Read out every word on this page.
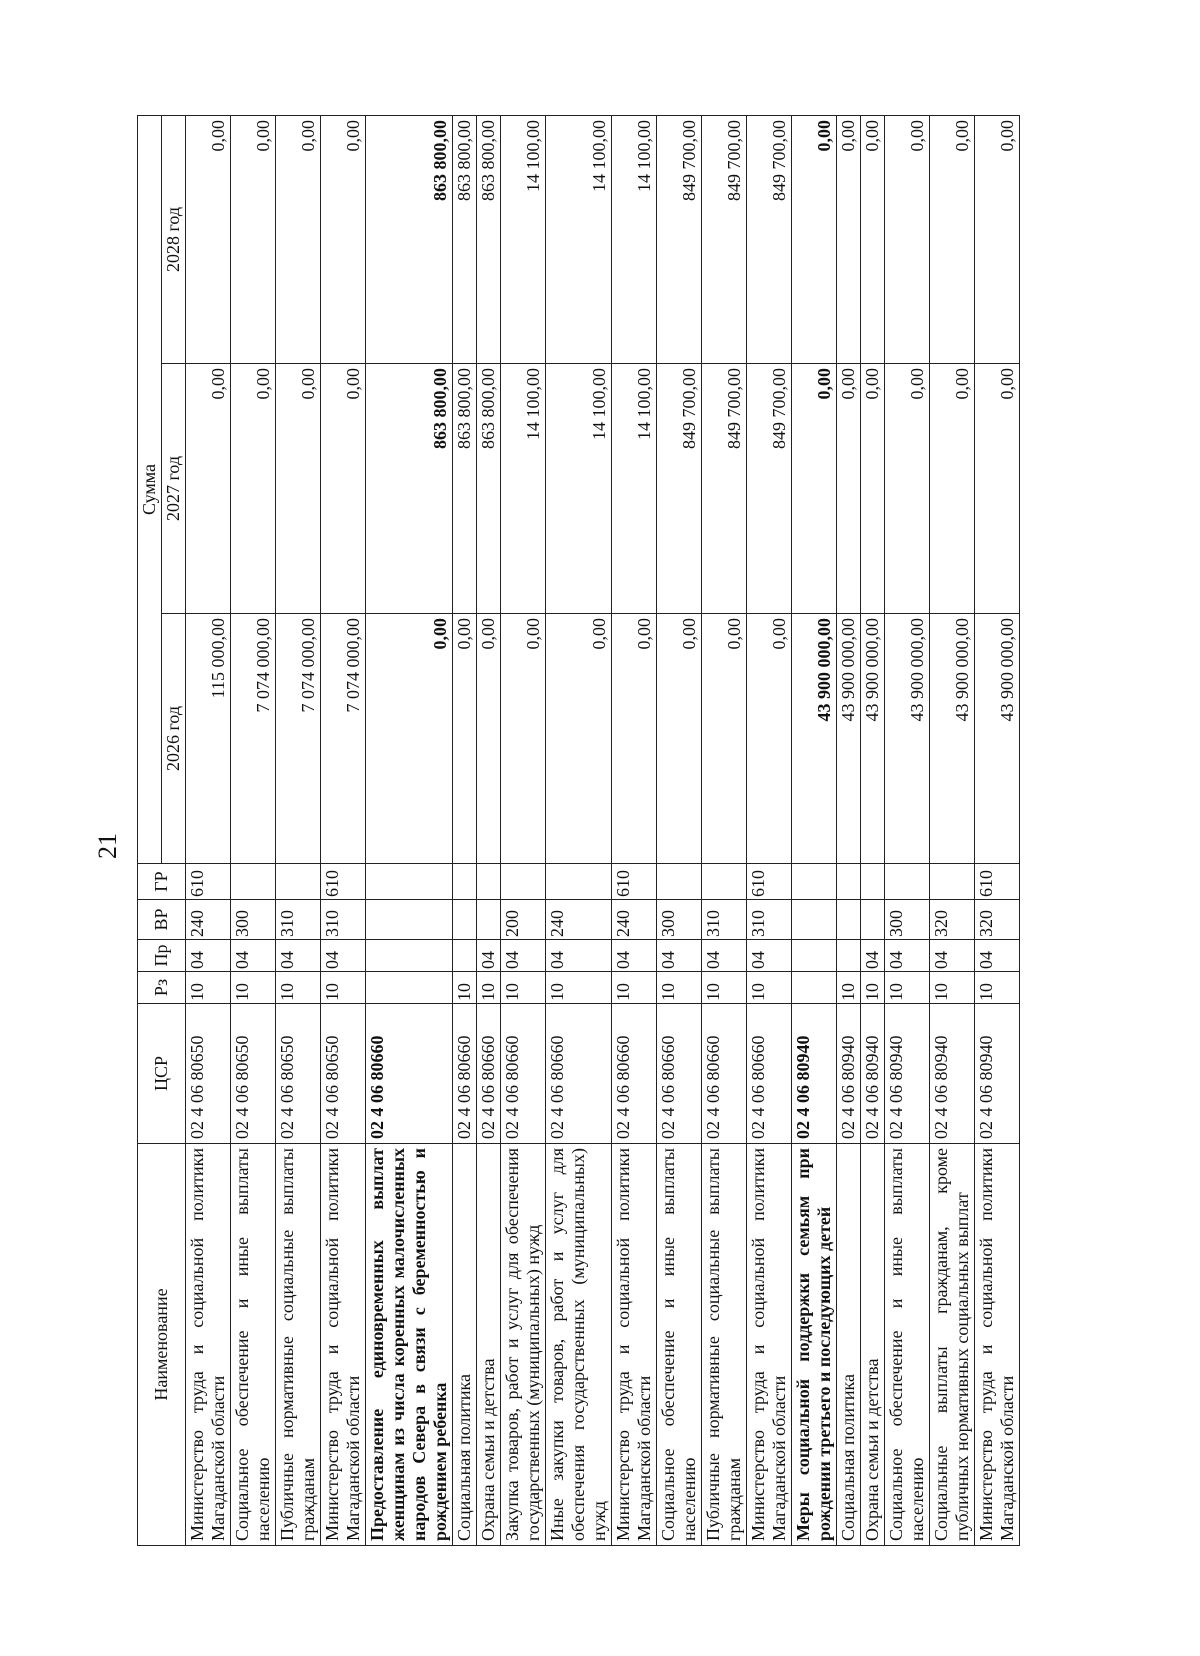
21
Наименование	ЦСР	Рз	Пр	ВР	ГР	Сумма		
						2026 год	2027 год	2028 год
Министерство труда и социальной политики Магаданской области	02 4 06 80650	10	04	240	610	115 000,00	0,00	0,00
Социальное обеспечение и иные выплаты населению	02 4 06 80650	10	04	300		7 074 000,00	0,00	0,00
Публичные нормативные социальные выплаты гражданам	02 4 06 80650	10	04	310		7 074 000,00	0,00	0,00
Министерство труда и социальной политики Магаданской области	02 4 06 80650	10	04	310	610	7 074 000,00	0,00	0,00
Предоставление единовременных выплат женщинам из числа коренных малочисленных народов Севера в связи с беременностью и рождением ребенка	02 4 06 80660					0,00	863 800,00	863 800,00
Социальная политика	02 4 06 80660	10				0,00	863 800,00	863 800,00
Охрана семьи и детства	02 4 06 80660	10	04			0,00	863 800,00	863 800,00
Закупка товаров, работ и услуг для обеспечения государственных (муниципальных) нужд	02 4 06 80660	10	04	200		0,00	14 100,00	14 100,00
Иные закупки товаров, работ и услуг для обеспечения государственных (муниципальных) нужд	02 4 06 80660	10	04	240		0,00	14 100,00	14 100,00
Министерство труда и социальной политики Магаданской области	02 4 06 80660	10	04	240	610	0,00	14 100,00	14 100,00
Социальное обеспечение и иные выплаты населению	02 4 06 80660	10	04	300		0,00	849 700,00	849 700,00
Публичные нормативные социальные выплаты гражданам	02 4 06 80660	10	04	310		0,00	849 700,00	849 700,00
Министерство труда и социальной политики Магаданской области	02 4 06 80660	10	04	310	610	0,00	849 700,00	849 700,00
Меры социальной поддержки семьям при рождении третьего и последующих детей	02 4 06 80940					43 900 000,00	0,00	0,00
Социальная политика	02 4 06 80940	10				43 900 000,00	0,00	0,00
Охрана семьи и детства	02 4 06 80940	10	04			43 900 000,00	0,00	0,00
Социальное обеспечение и иные выплаты населению	02 4 06 80940	10	04	300		43 900 000,00	0,00	0,00
Социальные выплаты гражданам, кроме публичных нормативных социальных выплат	02 4 06 80940	10	04	320		43 900 000,00	0,00	0,00
Министерство труда и социальной политики Магаданской области	02 4 06 80940	10	04	320	610	43 900 000,00	0,00	0,00
